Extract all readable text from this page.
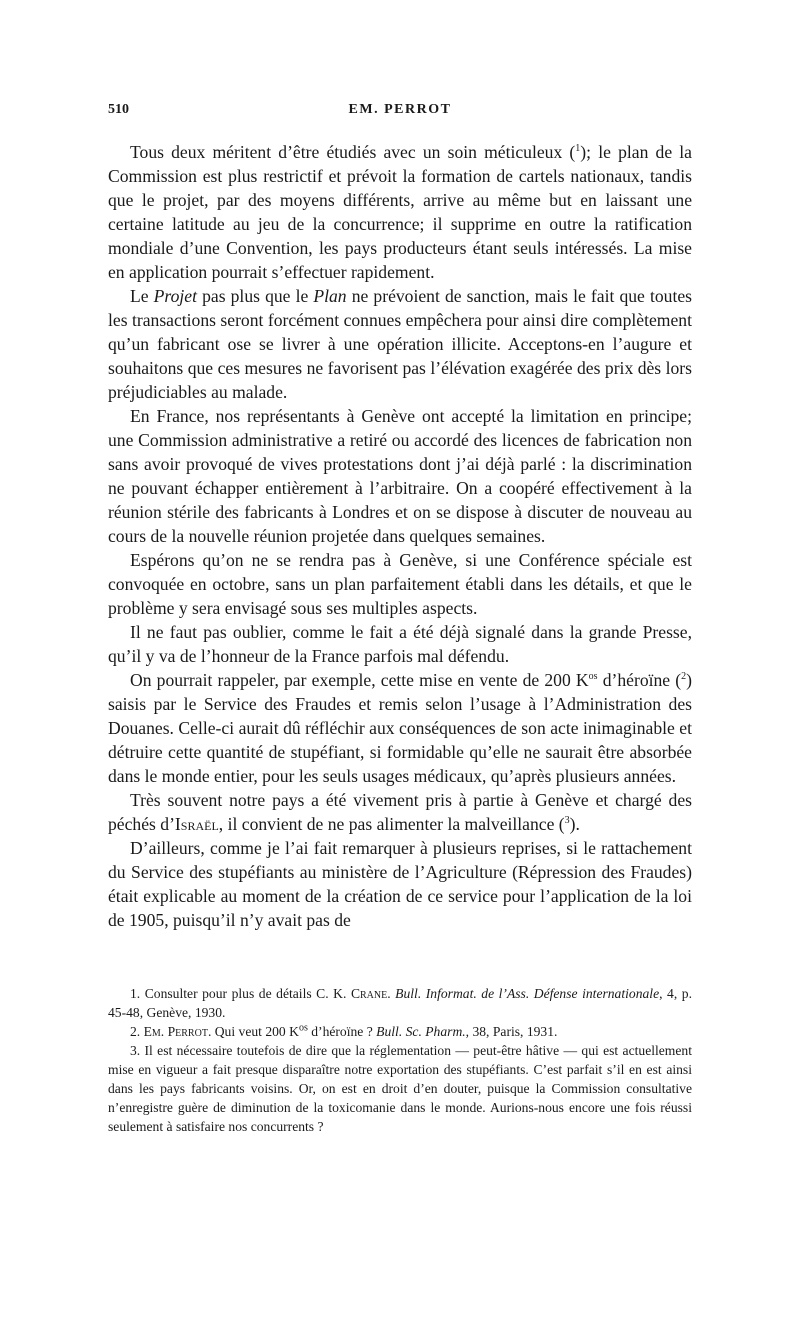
510	EM. PERROT

Tous deux méritent d’être étudiés avec un soin méticuleux ($^1$); le plan de la Commission est plus restrictif et prévoit la formation de cartels nationaux, tandis que le projet, par des moyens différents, arrive au même but en laissant une certaine latitude au jeu de la concurrence; il supprime en outre la ratification mondiale d’une Convention, les pays producteurs étant seuls intéressés. La mise en application pourrait s’effectuer rapidement.

Le Projet pas plus que le Plan ne prévoient de sanction, mais le fait que toutes les transactions seront forcément connues empêchera pour ainsi dire complètement qu’un fabricant ose se livrer à une opération illicite. Acceptons-en l’augure et souhaitons que ces mesures ne favorisent pas l’élévation exagérée des prix dès lors préjudiciables au malade.

En France, nos représentants à Genève ont accepté la limitation en principe; une Commission administrative a retiré ou accordé des licences de fabrication non sans avoir provoqué de vives protestations dont j’ai déjà parlé : la discrimination ne pouvant échapper entièrement à l’arbitraire. On a coopéré effectivement à la réunion stérile des fabricants à Londres et on se dispose à discuter de nouveau au cours de la nouvelle réunion projetée dans quelques semaines.

Espérons qu’on ne se rendra pas à Genève, si une Conférence spéciale est convoquée en octobre, sans un plan parfaitement établi dans les détails, et que le problème y sera envisagé sous ses multiples aspects.

Il ne faut pas oublier, comme le fait a été déjà signalé dans la grande Presse, qu’il y va de l’honneur de la France parfois mal défendu.

On pourrait rappeler, par exemple, cette mise en vente de 200 $K^{os}$ d’héroïne ($^2$) saisis par le Service des Fraudes et remis selon l’usage à l’Administration des Douanes. Celle-ci aurait dû réfléchir aux conséquences de son acte inimaginable et détruire cette quantité de stupéfiant, si formidable qu’elle ne saurait être absorbée dans le monde entier, pour les seuls usages médicaux, qu’après plusieurs années.

Très souvent notre pays a été vivement pris à partie à Genève et chargé des péchés d’Israël, il convient de ne pas alimenter la malveillance ($^3$).

D’ailleurs, comme je l’ai fait remarquer à plusieurs reprises, si le rattachement du Service des stupéfiants au ministère de l’Agriculture (Répression des Fraudes) était explicable au moment de la création de ce service pour l’application de la loi de 1905, puisqu’il n’y avait pas de

1. Consulter pour plus de détails C. K. Crane. Bull. Informat. de l’Ass. Défense internationale, 4, p. 45-48, Genève, 1930.

2. Em. Perrot. Qui veut 200 $K^{os}$ d’héroïne ? Bull. Sc. Pharm., 38, Paris, 1931.

3. Il est nécessaire toutefois de dire que la réglementation — peut-être hâtive — qui est actuellement mise en vigueur a fait presque disparaître notre exportation des stupéfiants. C’est parfait s’il en est ainsi dans les pays fabricants voisins. Or, on est en droit d’en douter, puisque la Commission consultative n’enregistre guère de diminution de la toxicomanie dans le monde. Aurions-nous encore une fois réussi seulement à satisfaire nos concurrents ?
